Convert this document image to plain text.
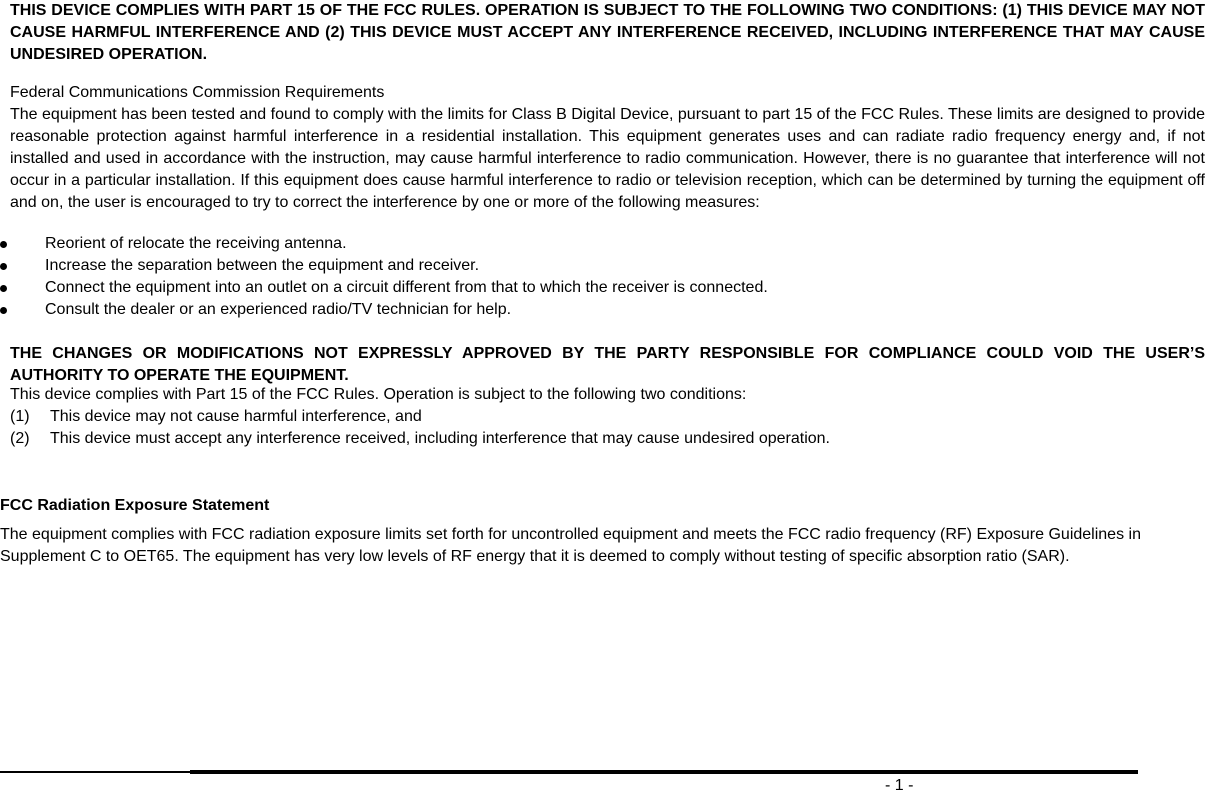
THIS DEVICE COMPLIES WITH PART 15 OF THE FCC RULES. OPERATION IS SUBJECT TO THE FOLLOWING TWO CONDITIONS: (1) THIS DEVICE MAY NOT CAUSE HARMFUL INTERFERENCE AND (2) THIS DEVICE MUST ACCEPT ANY INTERFERENCE RECEIVED, INCLUDING INTERFERENCE THAT MAY CAUSE UNDESIRED OPERATION.

Federal Communications Commission Requirements

The equipment has been tested and found to comply with the limits for Class B Digital Device, pursuant to part 15 of the FCC Rules. These limits are designed to provide reasonable protection against harmful interference in a residential installation. This equipment generates uses and can radiate radio frequency energy and, if not installed and used in accordance with the instruction, may cause harmful interference to radio communication. However, there is no guarantee that interference will not occur in a particular installation. If this equipment does cause harmful interference to radio or television reception, which can be determined by turning the equipment off and on, the user is encouraged to try to correct the interference by one or more of the following measures:

Reorient of relocate the receiving antenna.
Increase the separation between the equipment and receiver.
Connect the equipment into an outlet on a circuit different from that to which the receiver is connected.
Consult the dealer or an experienced radio/TV technician for help.

THE CHANGES OR MODIFICATIONS NOT EXPRESSLY APPROVED BY THE PARTY RESPONSIBLE FOR COMPLIANCE COULD VOID THE USER’S AUTHORITY TO OPERATE THE EQUIPMENT.

This device complies with Part 15 of the FCC Rules. Operation is subject to the following two conditions:

(1) This device may not cause harmful interference, and
(2) This device must accept any interference received, including interference that may cause undesired operation.

FCC Radiation Exposure Statement

The equipment complies with FCC radiation exposure limits set forth for uncontrolled equipment and meets the FCC radio frequency (RF) Exposure Guidelines in Supplement C to OET65. The equipment has very low levels of RF energy that it is deemed to comply without testing of specific absorption ratio (SAR).

- 1 -
